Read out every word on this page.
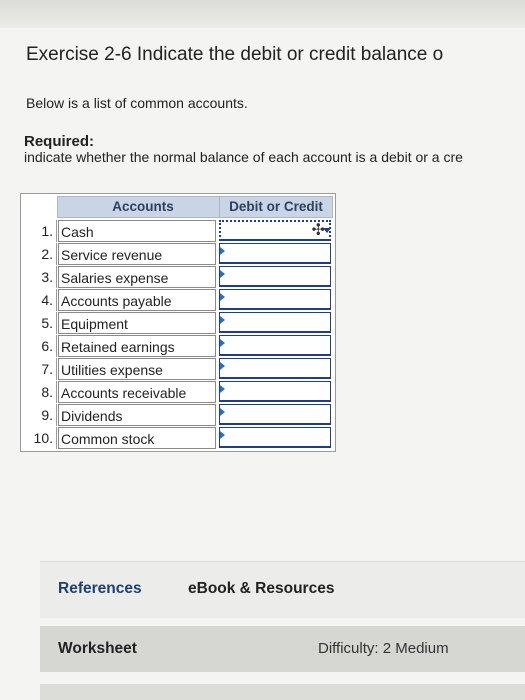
Exercise 2-6 Indicate the debit or credit balance o
Below is a list of common accounts.
Required:
indicate whether the normal balance of each account is a debit or a cre
Accounts	Debit or Credit
1. Cash	✣
2. Service revenue
3. Salaries expense
4. Accounts payable
5. Equipment
6. Retained earnings
7. Utilities expense
8. Accounts receivable
9. Dividends
10. Common stock
References	eBook & Resources
Worksheet	Difficulty: 2 Medium
